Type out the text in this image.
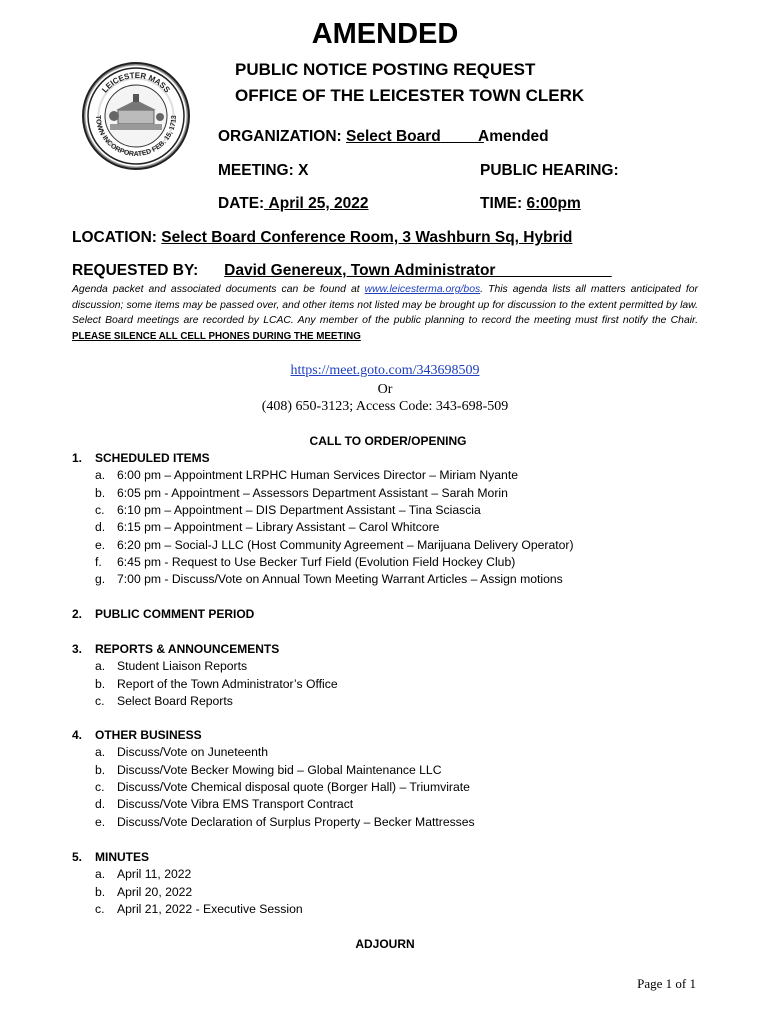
AMENDED
LEICESTER MASS
TOWN INCORPORATED FEB. 15, 1713
PUBLIC NOTICE POSTING REQUEST
OFFICE OF THE LEICESTER TOWN CLERK
ORGANIZATION: Select Board	Amended
MEETING: X	PUBLIC HEARING:
DATE: April 25, 2022	TIME: 6:00pm
LOCATION: Select Board Conference Room, 3 Washburn Sq, Hybrid
REQUESTED BY: David Genereux, Town Administrator
Agenda packet and associated documents can be found at www.leicesterma.org/bos. This agenda lists all matters anticipated for discussion; some items may be passed over, and other items not listed may be brought up for discussion to the extent permitted by law. Select Board meetings are recorded by LCAC. Any member of the public planning to record the meeting must first notify the Chair. PLEASE SILENCE ALL CELL PHONES DURING THE MEETING
https://meet.goto.com/343698509
Or
(408) 650-3123; Access Code: 343-698-509
CALL TO ORDER/OPENING
1. SCHEDULED ITEMS
a. 6:00 pm – Appointment LRPHC Human Services Director – Miriam Nyante
b. 6:05 pm - Appointment – Assessors Department Assistant – Sarah Morin
c. 6:10 pm – Appointment – DIS Department Assistant – Tina Sciascia
d. 6:15 pm – Appointment – Library Assistant – Carol Whitcore
e. 6:20 pm – Social-J LLC (Host Community Agreement – Marijuana Delivery Operator)
f. 6:45 pm - Request to Use Becker Turf Field (Evolution Field Hockey Club)
g. 7:00 pm - Discuss/Vote on Annual Town Meeting Warrant Articles – Assign motions
2. PUBLIC COMMENT PERIOD
3. REPORTS & ANNOUNCEMENTS
a. Student Liaison Reports
b. Report of the Town Administrator’s Office
c. Select Board Reports
4. OTHER BUSINESS
a. Discuss/Vote on Juneteenth
b. Discuss/Vote Becker Mowing bid – Global Maintenance LLC
c. Discuss/Vote Chemical disposal quote (Borger Hall) – Triumvirate
d. Discuss/Vote Vibra EMS Transport Contract
e. Discuss/Vote Declaration of Surplus Property – Becker Mattresses
5. MINUTES
a. April 11, 2022
b. April 20, 2022
c. April 21, 2022 - Executive Session
ADJOURN
Page 1 of 1
